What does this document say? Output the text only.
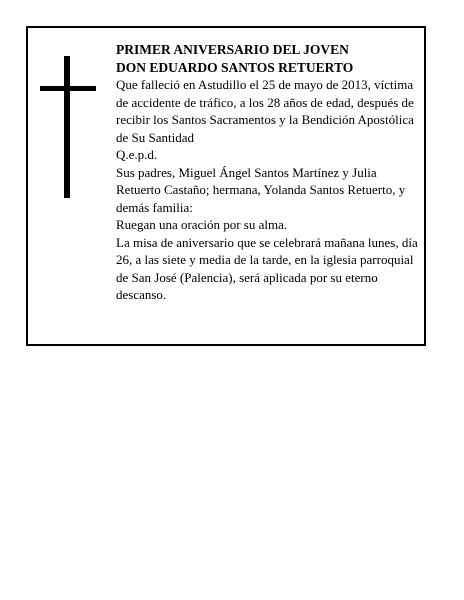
PRIMER ANIVERSARIO DEL JOVEN

DON EDUARDO SANTOS RETUERTO

Que falleció en Astudillo el 25 de mayo de 2013, víctima de accidente de tráfico, a los 28 años de edad, después de recibir los Santos Sacramentos y la Bendición Apostólica de Su Santidad

Q.e.p.d.

Sus padres, Miguel Ángel Santos Martínez y Julia Retuerto Castaño; hermana, Yolanda Santos Retuerto, y demás familia:

Ruegan una oración por su alma.

La misa de aniversario que se celebrará mañana lunes, día 26, a las siete y media de la tarde, en la iglesia parroquial de San José (Palencia), será aplicada por su eterno descanso.
